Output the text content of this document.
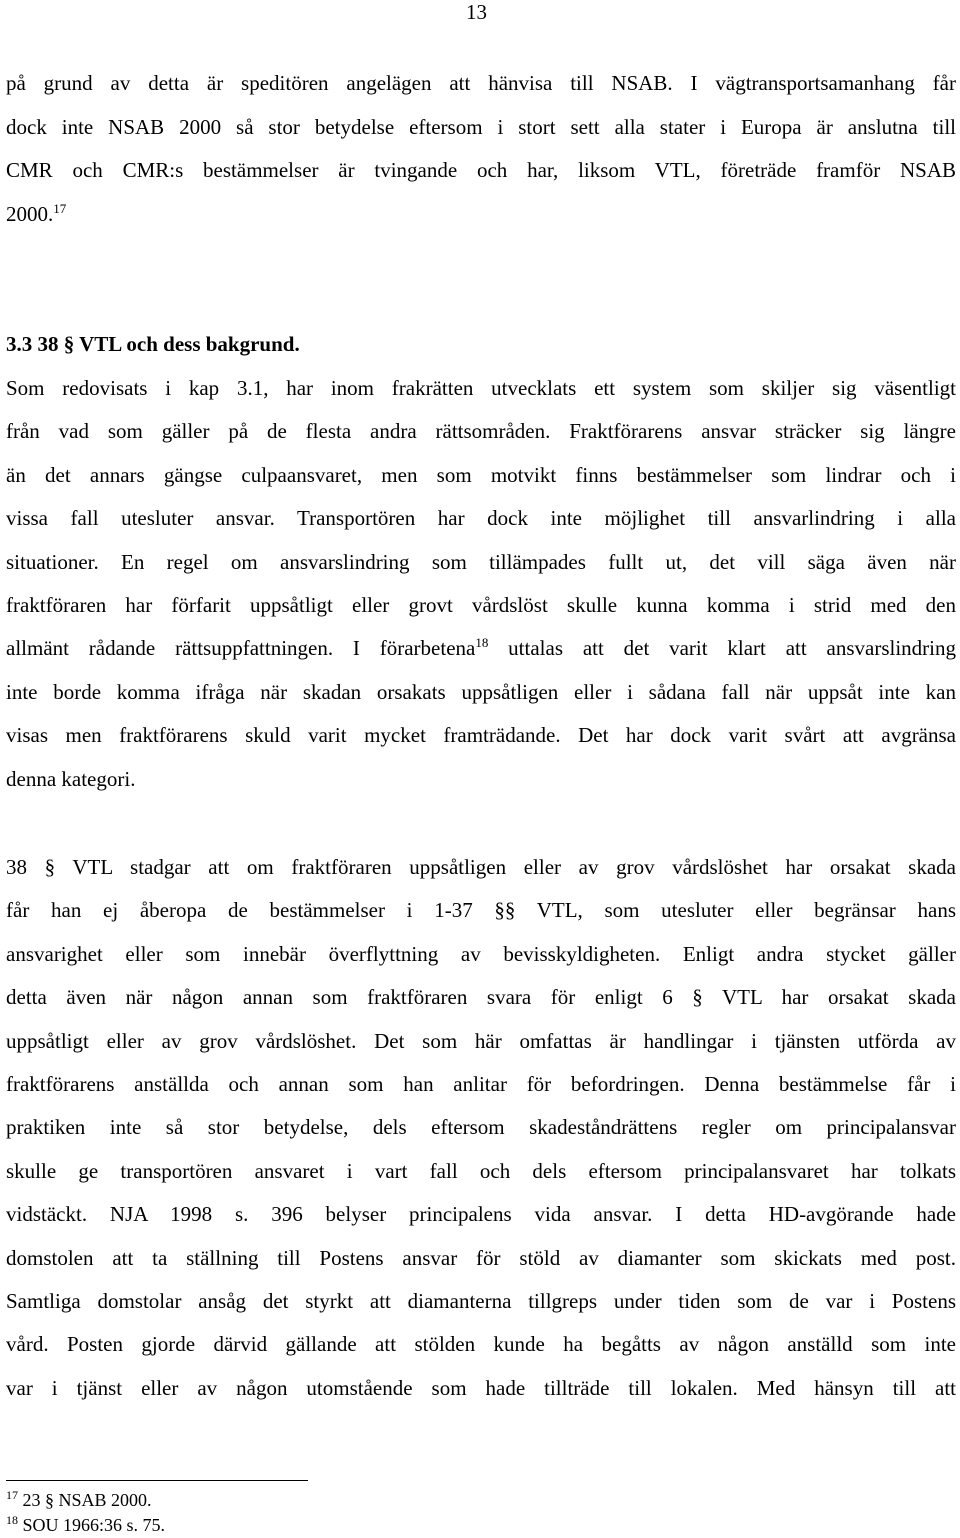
13
på grund av detta är speditören angelägen att hänvisa till NSAB. I vägtransportsamanhang får
dock inte NSAB 2000 så stor betydelse eftersom i stort sett alla stater i Europa är anslutna till
CMR och CMR:s bestämmelser är tvingande och har, liksom VTL, företräde framför NSAB
2000.17
3.3 38 § VTL och dess bakgrund.
Som redovisats i kap 3.1, har inom frakrätten utvecklats ett system som skiljer sig väsentligt
från vad som gäller på de flesta andra rättsområden. Fraktförarens ansvar sträcker sig längre
än det annars gängse culpaansvaret, men som motvikt finns bestämmelser som lindrar och i
vissa fall utesluter ansvar. Transportören har dock inte möjlighet till ansvarlindring i alla
situationer. En regel om ansvarslindring som tillämpades fullt ut, det vill säga även när
fraktföraren har förfarit uppsåtligt eller grovt vårdslöst skulle kunna komma i strid med den
allmänt rådande rättsuppfattningen. I förarbetena$^{18}$ uttalas att det varit klart att ansvarslindring
inte borde komma ifråga när skadan orsakats uppsåtligen eller i sådana fall när uppsåt inte kan
visas men fraktförarens skuld varit mycket framträdande. Det har dock varit svårt att avgränsa
denna kategori.
38 § VTL stadgar att om fraktföraren uppsåtligen eller av grov vårdslöshet har orsakat skada
får han ej åberopa de bestämmelser i 1-37 §§ VTL, som utesluter eller begränsar hans
ansvarighet eller som innebär överflyttning av bevisskyldigheten. Enligt andra stycket gäller
detta även när någon annan som fraktföraren svara för enligt 6 § VTL har orsakat skada
uppsåtligt eller av grov vårdslöshet. Det som här omfattas är handlingar i tjänsten utförda av
fraktförarens anställda och annan som han anlitar för befordringen. Denna bestämmelse får i
praktiken inte så stor betydelse, dels eftersom skadeståndrättens regler om principalansvar
skulle ge transportören ansvaret i vart fall och dels eftersom principalansvaret har tolkats
vidstäckt. NJA 1998 s. 396 belyser principalens vida ansvar. I detta HD-avgörande hade
domstolen att ta ställning till Postens ansvar för stöld av diamanter som skickats med post.
Samtliga domstolar ansåg det styrkt att diamanterna tillgreps under tiden som de var i Postens
vård. Posten gjorde därvid gällande att stölden kunde ha begåtts av någon anställd som inte
var i tjänst eller av någon utomstående som hade tillträde till lokalen. Med hänsyn till att
$^{17}$ 23 § NSAB 2000.
$^{18}$ SOU 1966:36 s. 75.
